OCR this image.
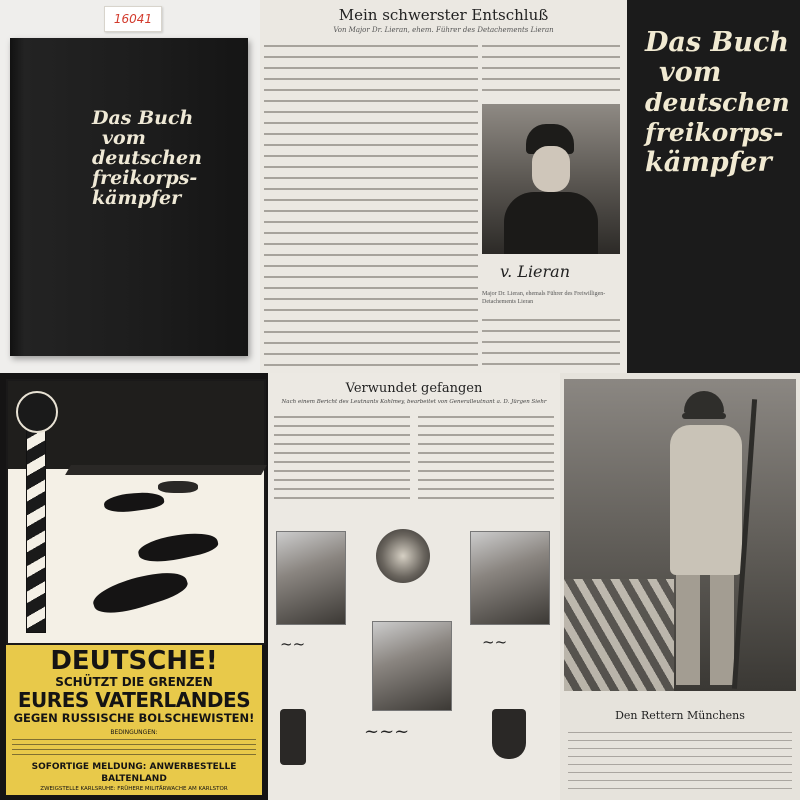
16041
Das Buch
vom
deutschen
freikorps-
kämpfer
Mein schwerster Entschluß
Von Major Dr. Lieran, ehem. Führer des Detachements Lieran
v. Lieran
Major Dr. Lieran, ehemals Führer des Freiwilligen-Detachements Lieran
Das Buch
vom
deutschen
freikorps-
kämpfer
DEUTSCHE!
SCHÜTZT DIE GRENZEN
EURES VATERLANDES
GEGEN RUSSISCHE BOLSCHEWISTEN!
BEDINGUNGEN:
SOFORTIGE MELDUNG: ANWERBESTELLE BALTENLAND
ZWEIGSTELLE KARLSRUHE: FRÜHERE MILITÄRWACHE AM KARLSTOR
Verwundet gefangen
Nach einem Bericht des Leutnants Kohlmey, bearbeitet von Generalleutnant a. D. Jürgen Siehr
~~	~~
~~~
Den Rettern Münchens
